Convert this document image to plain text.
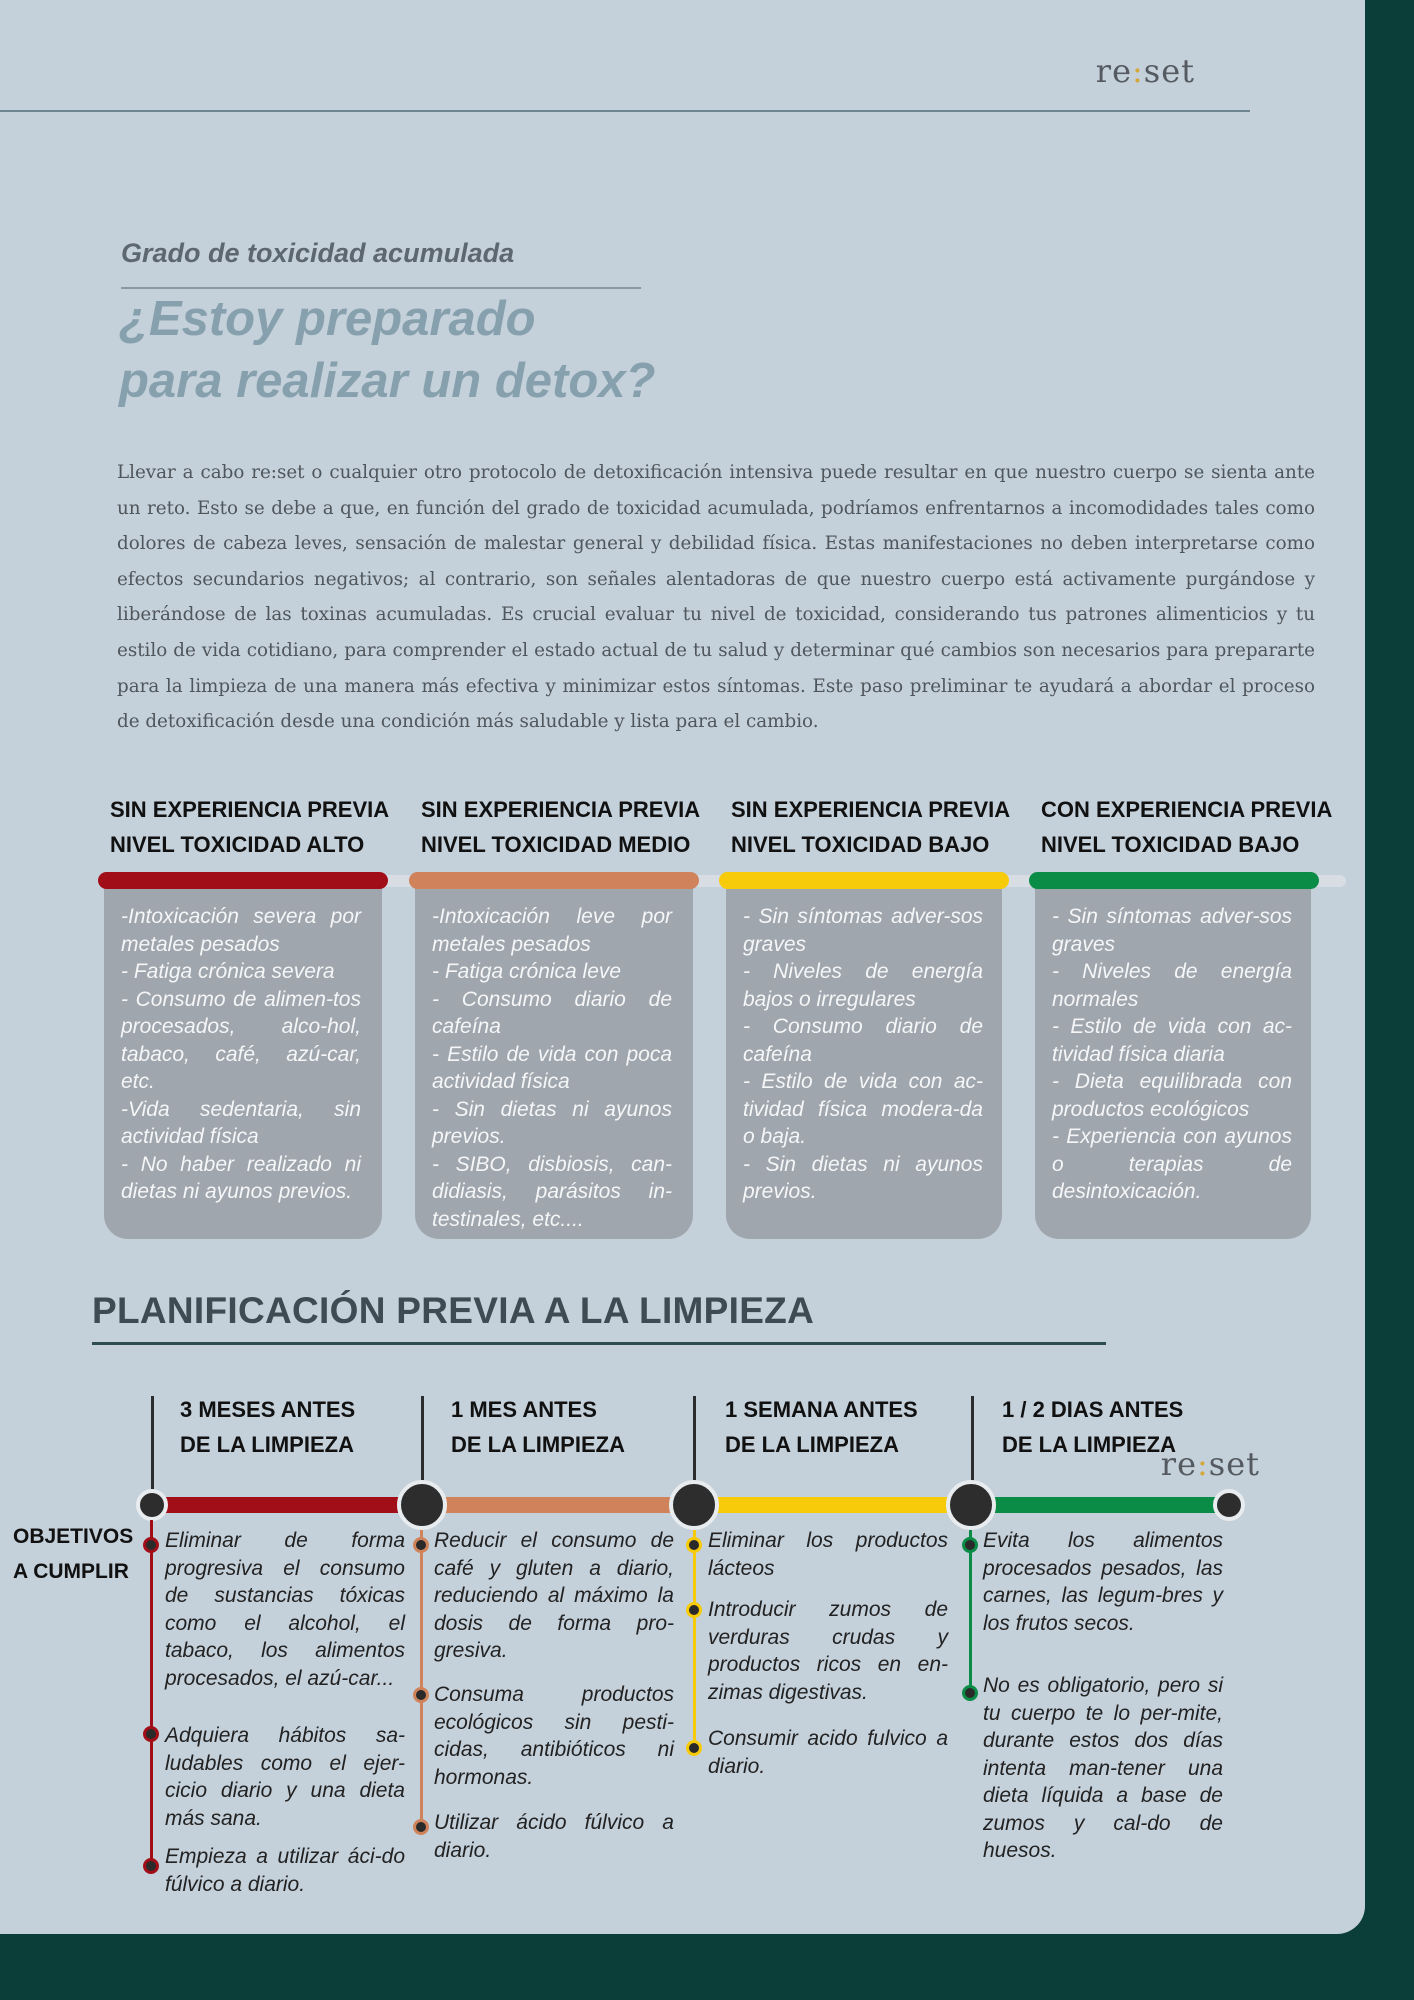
re:set
Grado de toxicidad acumulada
¿Estoy preparado
para realizar un detox?

Llevar a cabo re:set o cualquier otro protocolo de detoxificación intensiva puede resultar en que nuestro cuerpo se sienta ante un reto. Esto se debe a que, en función del grado de toxicidad acumulada, podríamos enfrentarnos a incomodidades tales como dolores de cabeza leves, sensación de malestar general y debilidad física. Estas manifestaciones no deben interpretarse como efectos secundarios negativos; al contrario, son señales alentadoras de que nuestro cuerpo está activamente purgándose y liberándose de las toxinas acumuladas. Es crucial evaluar tu nivel de toxicidad, considerando tus patrones alimenticios y tu estilo de vida cotidiano, para comprender el estado actual de tu salud y determinar qué cambios son necesarios para prepararte para la limpieza de una manera más efectiva y minimizar estos síntomas. Este paso preliminar te ayudará a abordar el proceso de detoxificación desde una condición más saludable y lista para el cambio.

SIN EXPERIENCIA PREVIA
NIVEL TOXICIDAD ALTO
SIN EXPERIENCIA PREVIA
NIVEL TOXICIDAD MEDIO
SIN EXPERIENCIA PREVIA
NIVEL TOXICIDAD BAJO
CON EXPERIENCIA PREVIA
NIVEL TOXICIDAD BAJO
-Intoxicación severa por metales pesados
- Fatiga crónica severa
- Consumo de alimen-tos procesados, alco-hol, tabaco, café, azú-car, etc.
-Vida sedentaria, sin actividad física
- No haber realizado ni dietas ni ayunos previos.
-Intoxicación leve por metales pesados
- Fatiga crónica leve
- Consumo diario de cafeína
- Estilo de vida con poca actividad física
- Sin dietas ni ayunos previos.
- SIBO, disbiosis, can-didiasis, parásitos in-testinales, etc....
- Sin síntomas adver-sos graves
- Niveles de energía bajos o irregulares
- Consumo diario de cafeína
- Estilo de vida con ac-tividad física modera-da o baja.
- Sin dietas ni ayunos previos.
- Sin síntomas adver-sos graves
- Niveles de energía normales
- Estilo de vida con ac-tividad física diaria
- Dieta equilibrada con productos ecológicos
- Experiencia con ayunos o terapias de desintoxicación.
PLANIFICACIÓN PREVIA A LA LIMPIEZA
3 MESES ANTES
DE LA LIMPIEZA
1 MES ANTES
DE LA LIMPIEZA
1 SEMANA ANTES
DE LA LIMPIEZA
1 / 2 DIAS ANTES
DE LA LIMPIEZA
re:set
OBJETIVOS
A CUMPLIR
Eliminar de forma progresiva el consumo de sustancias tóxicas como el alcohol, el tabaco, los alimentos procesados, el azú-car...
Adquiera hábitos sa-ludables como el ejer-cicio diario y una dieta más sana.
Empieza a utilizar áci-do fúlvico a diario.
Reducir el consumo de café y gluten a diario, reduciendo al máximo la dosis de forma pro-gresiva.
Consuma productos ecológicos sin pesti-cidas, antibióticos ni hormonas.
Utilizar ácido fúlvico a diario.
Eliminar los productos lácteos
Introducir zumos de verduras crudas y productos ricos en en-zimas digestivas.
Consumir acido fulvico a diario.
Evita los alimentos procesados pesados, las carnes, las legum-bres y los frutos secos.
No es obligatorio, pero si tu cuerpo te lo per-mite, durante estos dos días intenta man-tener una dieta líquida a base de zumos y cal-do de huesos.
